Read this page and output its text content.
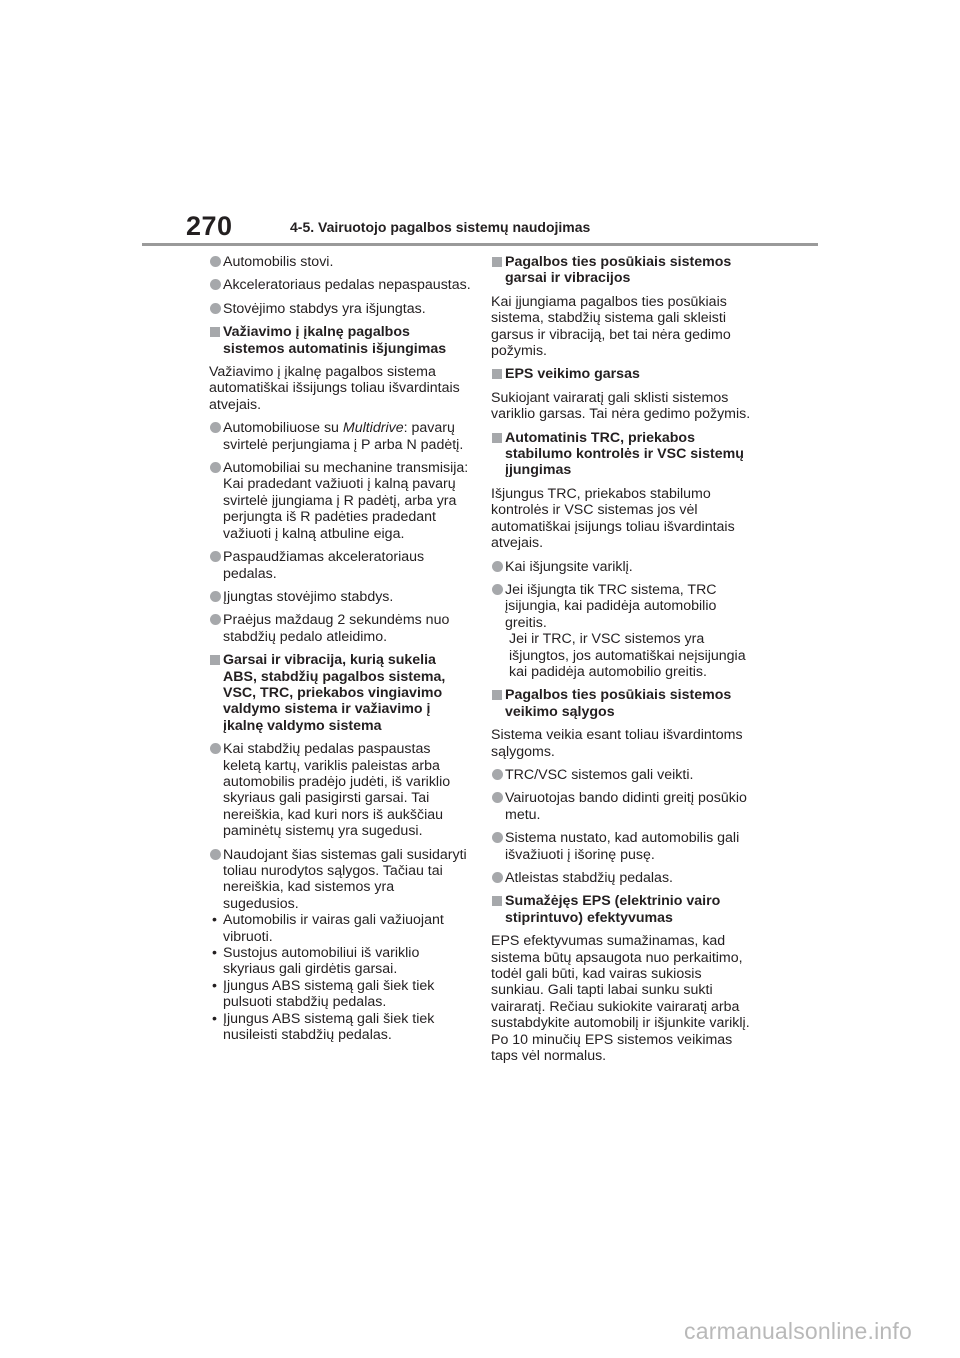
270	4-5. Vairuotojo pagalbos sistemų naudojimas
Automobilis stovi.
Akceleratoriaus pedalas nepaspaustas.
Stovėjimo stabdys yra išjungtas.
Važiavimo į įkalnę pagalbos sistemos automatinis išjungimas
Važiavimo į įkalnę pagalbos sistema automatiškai išsijungs toliau išvardintais atvejais.
Automobiliuose su Multidrive: pavarų svirtelė perjungiama į P arba N padėtį.
Automobiliai su mechanine transmisija: Kai pradedant važiuoti į kalną pavarų svirtelė įjungiama į R padėtį, arba yra perjungta iš R padėties pradedant važiuoti į kalną atbuline eiga.
Paspaudžiamas akceleratoriaus pedalas.
Įjungtas stovėjimo stabdys.
Praėjus maždaug 2 sekundėms nuo stabdžių pedalo atleidimo.
Garsai ir vibracija, kurią sukelia ABS, stabdžių pagalbos sistema, VSC, TRC, priekabos vingiavimo valdymo sistema ir važiavimo į įkalnę valdymo sistema
Kai stabdžių pedalas paspaustas keletą kartų, variklis paleistas arba automobilis pradėjo judėti, iš variklio skyriaus gali pasigirsti garsai. Tai nereiškia, kad kuri nors iš aukščiau paminėtų sistemų yra sugedusi.
Naudojant šias sistemas gali susidaryti toliau nurodytos sąlygos. Tačiau tai nereiškia, kad sistemos yra sugedusios.
• Automobilis ir vairas gali važiuojant vibruoti.
• Sustojus automobiliui iš variklio skyriaus gali girdėtis garsai.
• Įjungus ABS sistemą gali šiek tiek pulsuoti stabdžių pedalas.
• Įjungus ABS sistemą gali šiek tiek nusileisti stabdžių pedalas.
Pagalbos ties posūkiais sistemos garsai ir vibracijos
Kai įjungiama pagalbos ties posūkiais sistema, stabdžių sistema gali skleisti garsus ir vibraciją, bet tai nėra gedimo požymis.
EPS veikimo garsas
Sukiojant vairaratį gali sklisti sistemos variklio garsas. Tai nėra gedimo požymis.
Automatinis TRC, priekabos stabilumo kontrolės ir VSC sistemų įjungimas
Išjungus TRC, priekabos stabilumo kontrolės ir VSC sistemas jos vėl automatiškai įsijungs toliau išvardintais atvejais.
Kai išjungsite variklį.
Jei išjungta tik TRC sistema, TRC įsijungia, kai padidėja automobilio greitis.
Jei ir TRC, ir VSC sistemos yra išjungtos, jos automatiškai neįsijungia kai padidėja automobilio greitis.
Pagalbos ties posūkiais sistemos veikimo sąlygos
Sistema veikia esant toliau išvardintoms sąlygoms.
TRC/VSC sistemos gali veikti.
Vairuotojas bando didinti greitį posūkio metu.
Sistema nustato, kad automobilis gali išvažiuoti į išorinę pusę.
Atleistas stabdžių pedalas.
Sumažėjęs EPS (elektrinio vairo stiprintuvo) efektyvumas
EPS efektyvumas sumažinamas, kad sistema būtų apsaugota nuo perkaitimo, todėl gali būti, kad vairas sukiosis sunkiau. Gali tapti labai sunku sukti vairaratį. Rečiau sukiokite vairaratį arba sustabdykite automobilį ir išjunkite variklį. Po 10 minučių EPS sistemos veikimas taps vėl normalus.
carmanualsonline.info
